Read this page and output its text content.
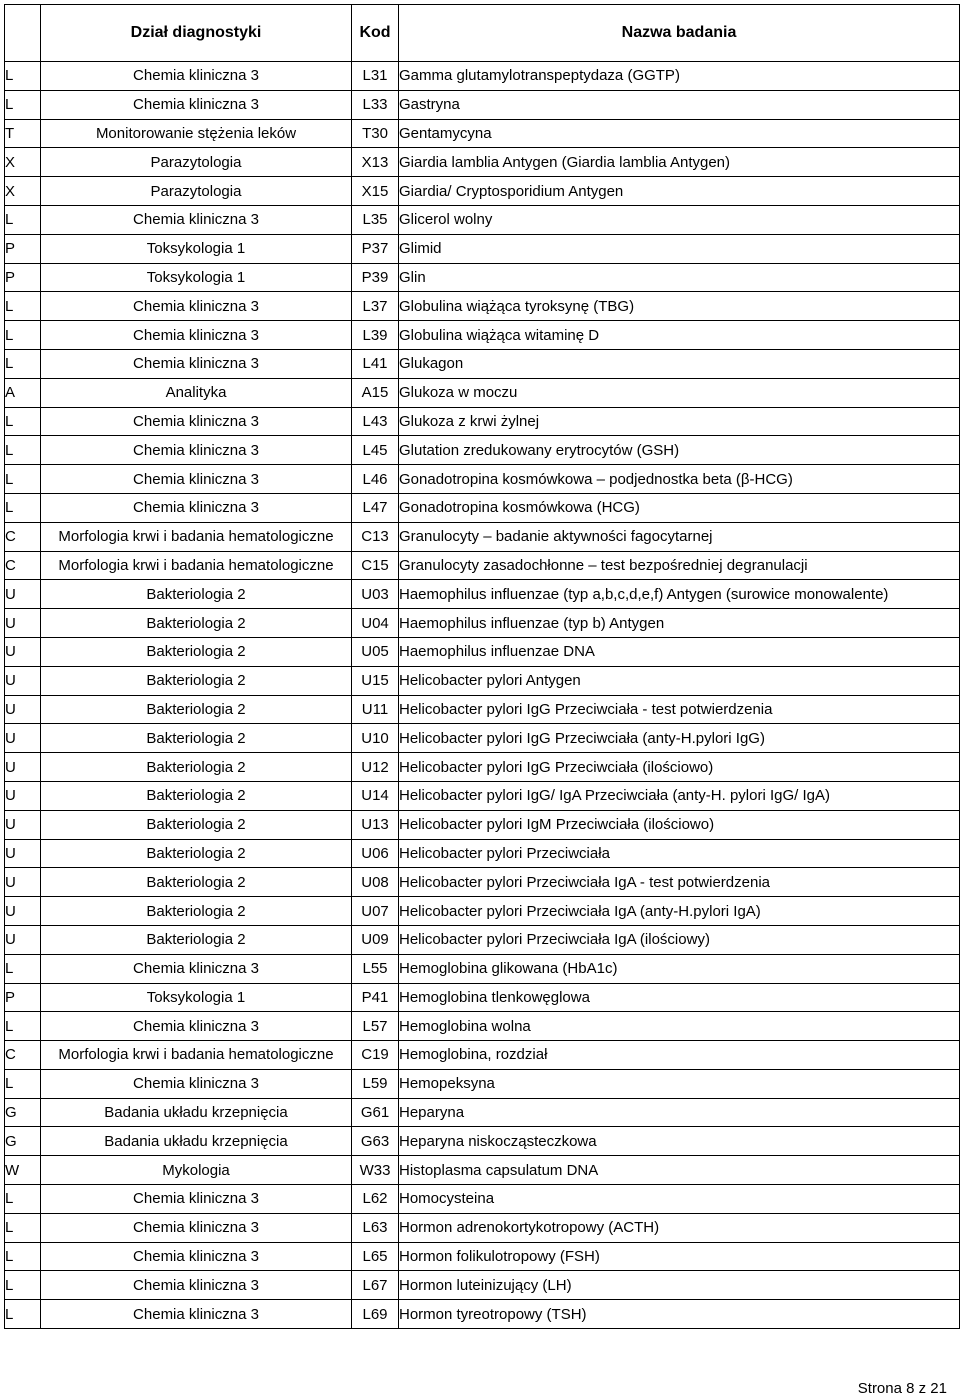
	Dział diagnostyki	Kod	Nazwa badania
L	Chemia kliniczna 3	L31	Gamma glutamylotranspeptydaza (GGTP)
L	Chemia kliniczna 3	L33	Gastryna
T	Monitorowanie stężenia leków	T30	Gentamycyna
X	Parazytologia	X13	Giardia lamblia Antygen (Giardia lamblia Antygen)
X	Parazytologia	X15	Giardia/ Cryptosporidium Antygen
L	Chemia kliniczna 3	L35	Glicerol wolny
P	Toksykologia 1	P37	Glimid
P	Toksykologia 1	P39	Glin
L	Chemia kliniczna 3	L37	Globulina wiążąca tyroksynę (TBG)
L	Chemia kliniczna 3	L39	Globulina wiążąca witaminę D
L	Chemia kliniczna 3	L41	Glukagon
A	Analityka	A15	Glukoza w moczu
L	Chemia kliniczna 3	L43	Glukoza z krwi żylnej
L	Chemia kliniczna 3	L45	Glutation zredukowany erytrocytów (GSH)
L	Chemia kliniczna 3	L46	Gonadotropina kosmówkowa – podjednostka beta (β-HCG)
L	Chemia kliniczna 3	L47	Gonadotropina kosmówkowa (HCG)
C	Morfologia krwi i badania hematologiczne	C13	Granulocyty – badanie aktywności fagocytarnej
C	Morfologia krwi i badania hematologiczne	C15	Granulocyty zasadochłonne – test bezpośredniej degranulacji
U	Bakteriologia 2	U03	Haemophilus influenzae (typ a,b,c,d,e,f) Antygen (surowice monowalente)
U	Bakteriologia 2	U04	Haemophilus influenzae (typ b) Antygen
U	Bakteriologia 2	U05	Haemophilus influenzae DNA
U	Bakteriologia 2	U15	Helicobacter pylori Antygen
U	Bakteriologia 2	U11	Helicobacter pylori IgG Przeciwciała - test potwierdzenia
U	Bakteriologia 2	U10	Helicobacter pylori IgG Przeciwciała (anty-H.pylori IgG)
U	Bakteriologia 2	U12	Helicobacter pylori IgG Przeciwciała (ilościowo)
U	Bakteriologia 2	U14	Helicobacter pylori IgG/ IgA Przeciwciała (anty-H. pylori IgG/ IgA)
U	Bakteriologia 2	U13	Helicobacter pylori IgM Przeciwciała (ilościowo)
U	Bakteriologia 2	U06	Helicobacter pylori Przeciwciała
U	Bakteriologia 2	U08	Helicobacter pylori Przeciwciała IgA - test potwierdzenia
U	Bakteriologia 2	U07	Helicobacter pylori Przeciwciała IgA (anty-H.pylori IgA)
U	Bakteriologia 2	U09	Helicobacter pylori Przeciwciała IgA (ilościowy)
L	Chemia kliniczna 3	L55	Hemoglobina glikowana (HbA1c)
P	Toksykologia 1	P41	Hemoglobina tlenkowęglowa
L	Chemia kliniczna 3	L57	Hemoglobina wolna
C	Morfologia krwi i badania hematologiczne	C19	Hemoglobina, rozdział
L	Chemia kliniczna 3	L59	Hemopeksyna
G	Badania układu krzepnięcia	G61	Heparyna
G	Badania układu krzepnięcia	G63	Heparyna niskocząsteczkowa
W	Mykologia	W33	Histoplasma capsulatum DNA
L	Chemia kliniczna 3	L62	Homocysteina
L	Chemia kliniczna 3	L63	Hormon adrenokortykotropowy (ACTH)
L	Chemia kliniczna 3	L65	Hormon folikulotropowy (FSH)
L	Chemia kliniczna 3	L67	Hormon luteinizujący (LH)
L	Chemia kliniczna 3	L69	Hormon tyreotropowy (TSH)
Strona 8 z 21
